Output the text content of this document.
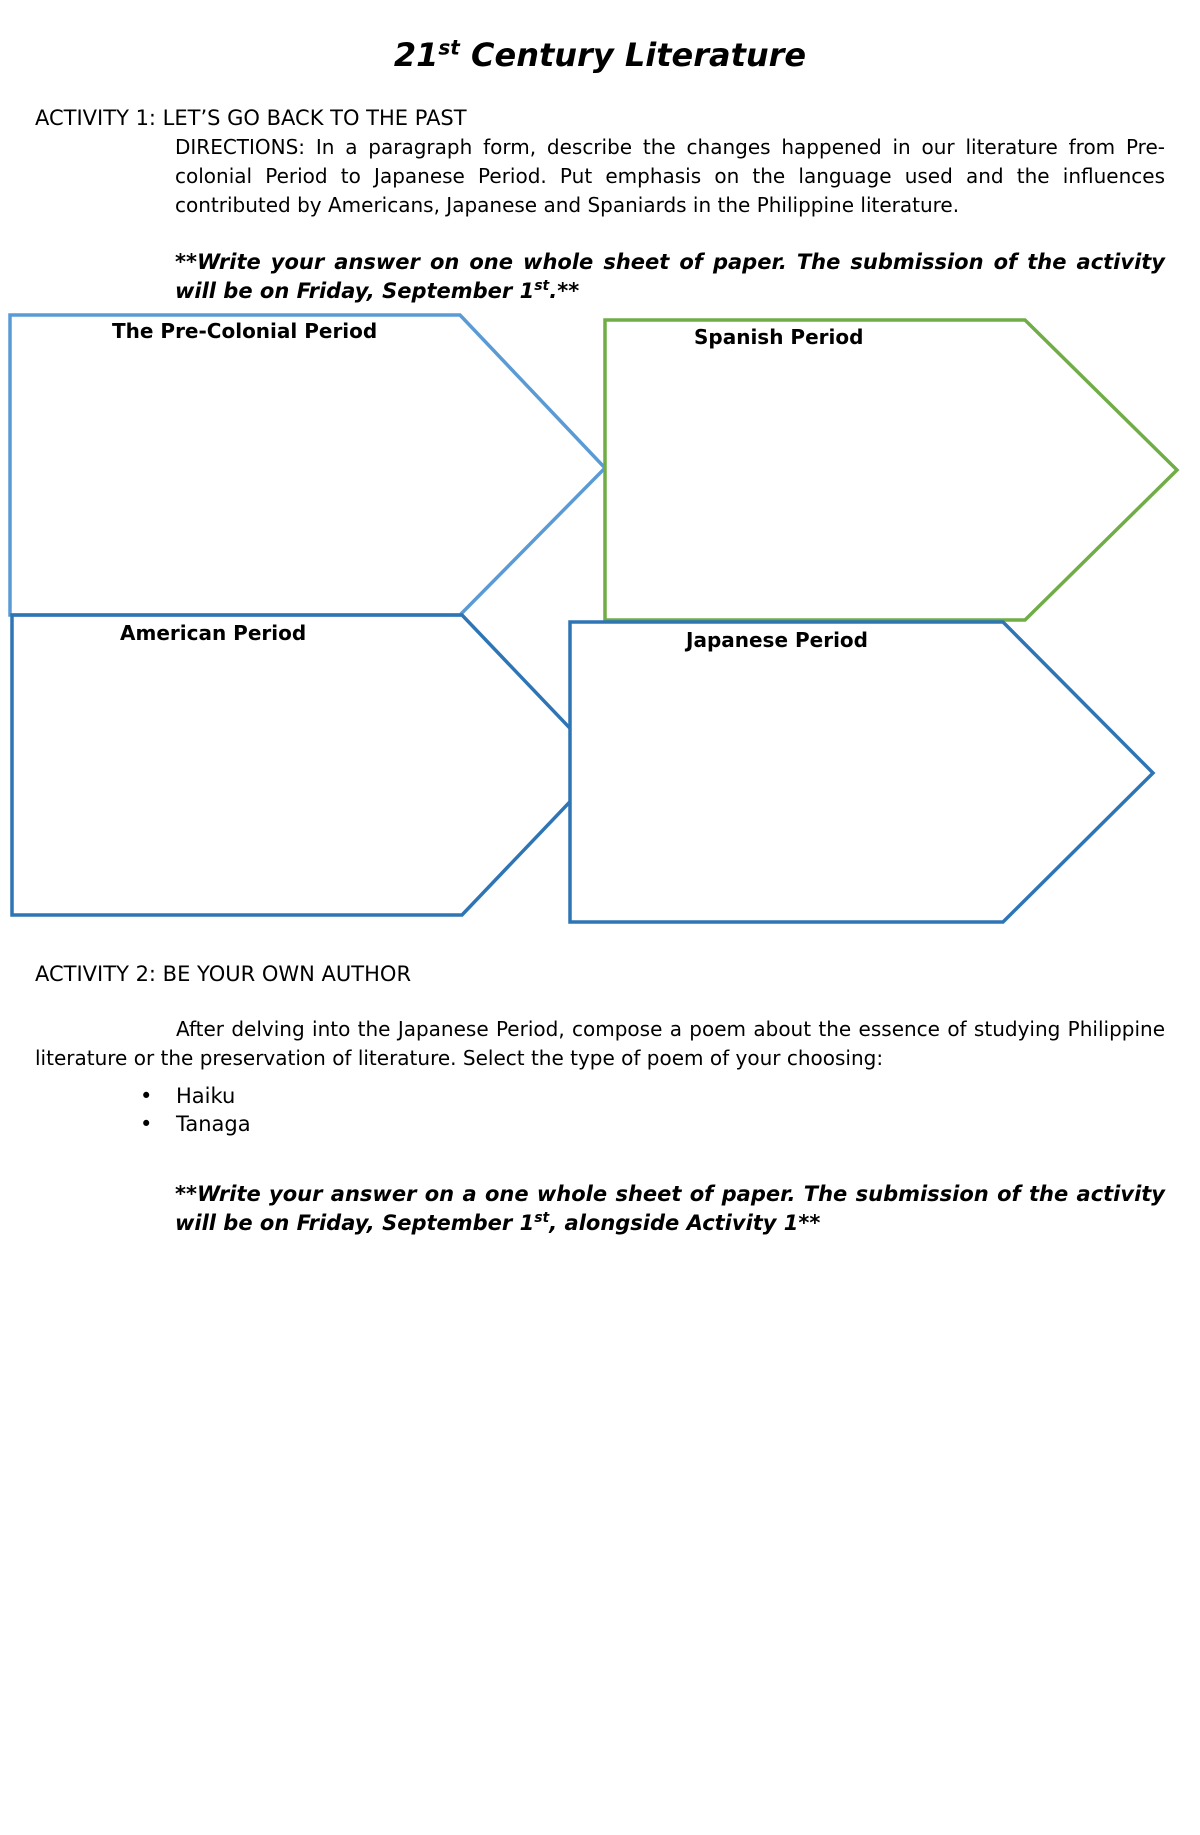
21st Century Literature
ACTIVITY 1: LET’S GO BACK TO THE PAST
DIRECTIONS: In a paragraph form, describe the changes happened in our literature from Pre-colonial Period to Japanese Period. Put emphasis on the language used and the influences contributed by Americans, Japanese and Spaniards in the Philippine literature.
**Write your answer on one whole sheet of paper. The submission of the activity will be on Friday, September 1st.**
The Pre-Colonial Period	Spanish Period
American Period	Japanese Period
ACTIVITY 2: BE YOUR OWN AUTHOR
After delving into the Japanese Period, compose a poem about the essence of studying Philippine literature or the preservation of literature. Select the type of poem of your choosing:
• Haiku
• Tanaga
**Write your answer on a one whole sheet of paper. The submission of the activity will be on Friday, September 1st, alongside Activity 1**
